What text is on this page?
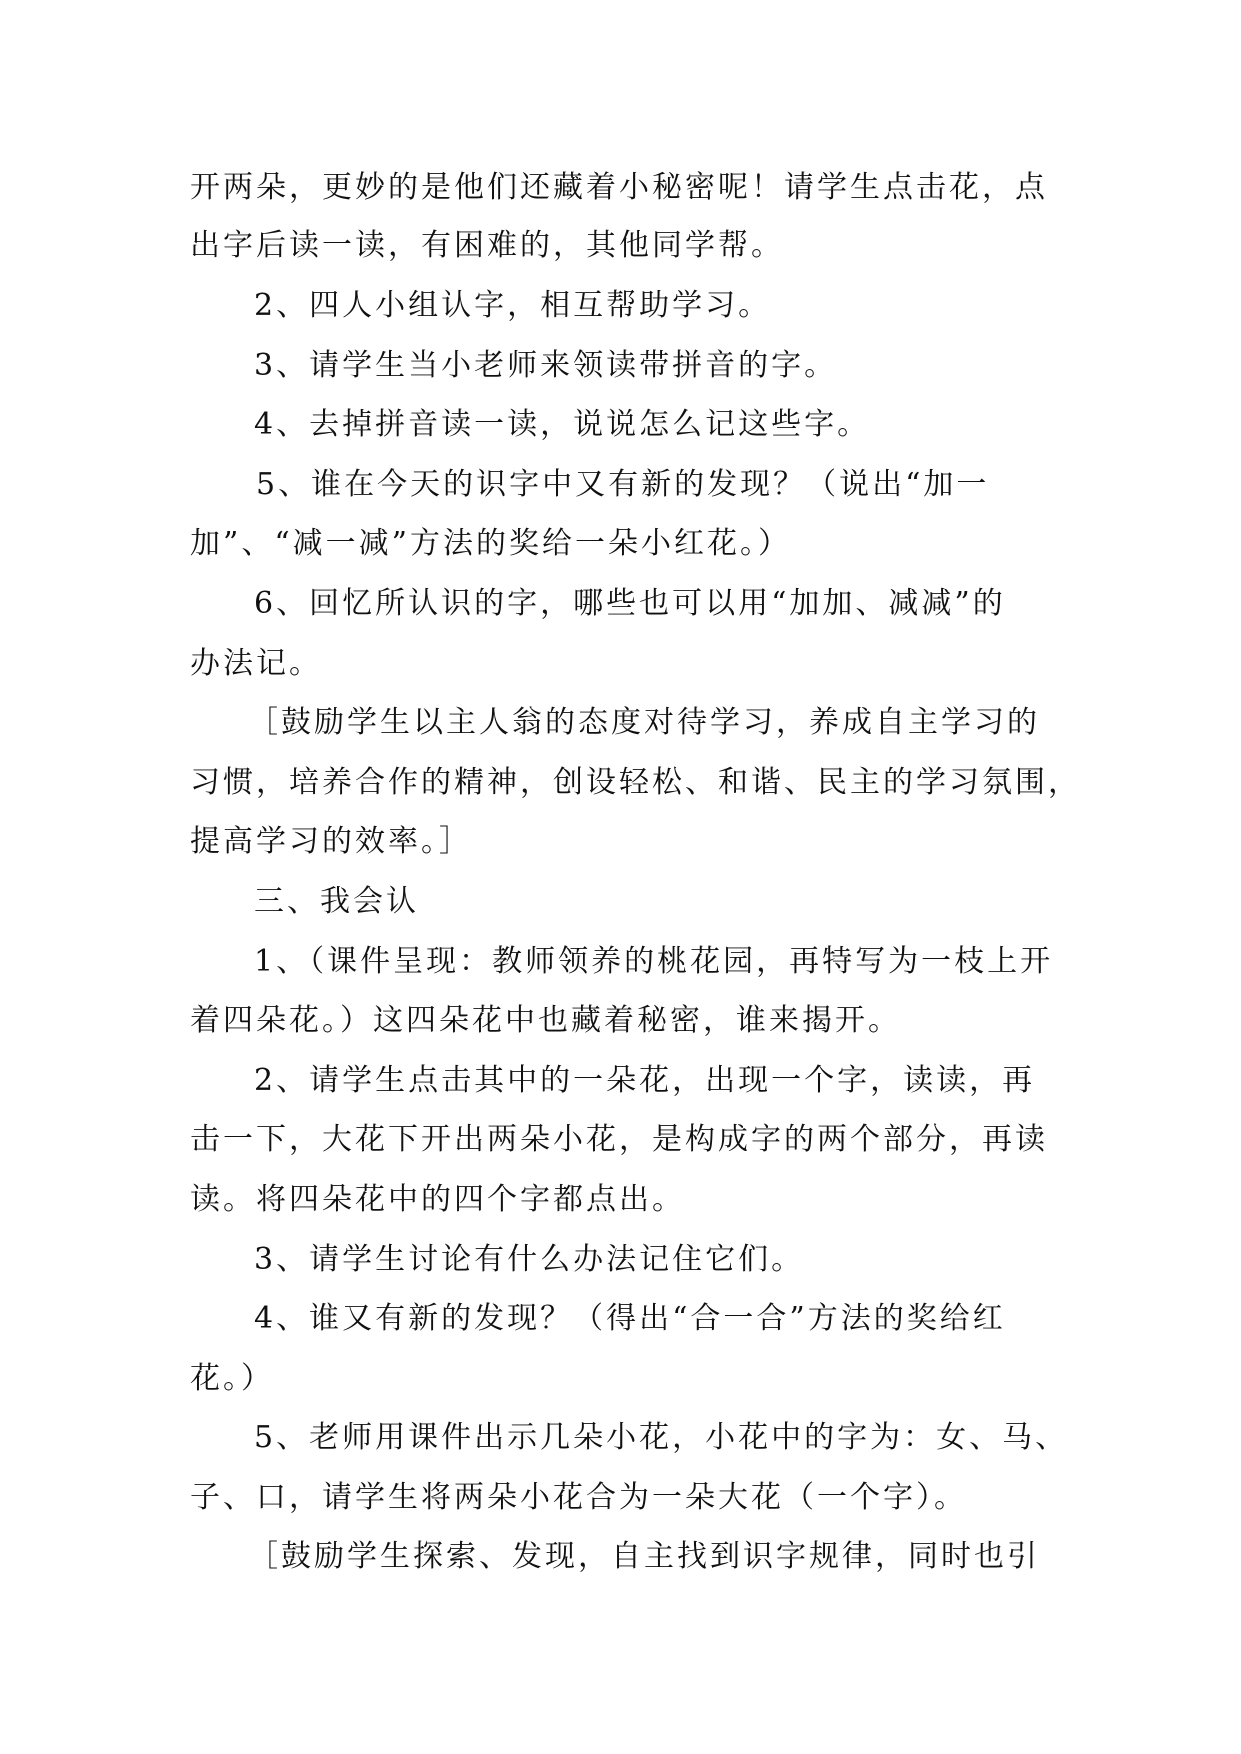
开两朵，更妙的是他们还藏着小秘密呢！请学生点击花，点
出字后读一读，有困难的，其他同学帮。
2、四人小组认字，相互帮助学习。
3、请学生当小老师来领读带拼音的字。
4、去掉拼音读一读，说说怎么记这些字。
5、谁在今天的识字中又有新的发现？（说出“加一
加”、“减一减”方法的奖给一朵小红花。）
6、回忆所认识的字，哪些也可以用“加加、减减”的
办法记。
［鼓励学生以主人翁的态度对待学习，养成自主学习的
习惯，培养合作的精神，创设轻松、和谐、民主的学习氛围，
提高学习的效率。］
三、我会认
1、（课件呈现：教师领养的桃花园，再特写为一枝上开
着四朵花。）这四朵花中也藏着秘密，谁来揭开。
2、请学生点击其中的一朵花，出现一个字，读读，再
击一下，大花下开出两朵小花，是构成字的两个部分，再读
读。将四朵花中的四个字都点出。
3、请学生讨论有什么办法记住它们。
4、谁又有新的发现？（得出“合一合”方法的奖给红
花。）
5、老师用课件出示几朵小花，小花中的字为：女、马、
子、口，请学生将两朵小花合为一朵大花（一个字）。
［鼓励学生探索、发现，自主找到识字规律，同时也引
